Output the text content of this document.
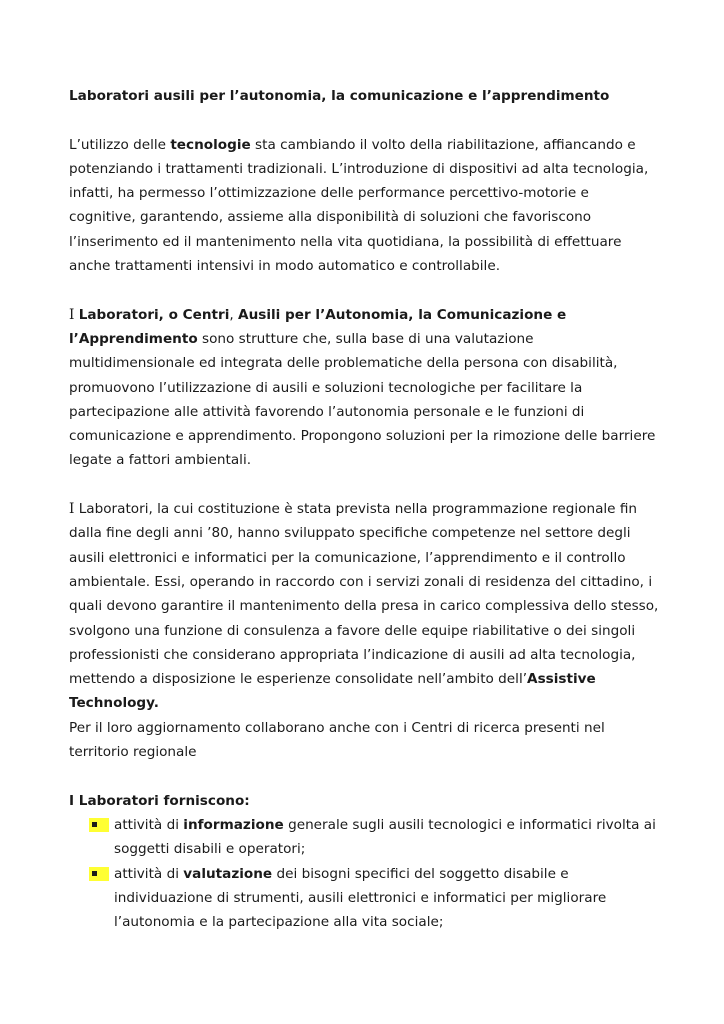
Laboratori ausili per l’autonomia, la comunicazione e l’apprendimento

L’utilizzo delle tecnologie sta cambiando il volto della riabilitazione, affiancando e potenziando i trattamenti tradizionali. L’introduzione di dispositivi ad alta tecnologia, infatti, ha permesso l’ottimizzazione delle performance percettivo-motorie e cognitive, garantendo, assieme alla disponibilità di soluzioni che favoriscono l’inserimento ed il mantenimento nella vita quotidiana, la possibilità di effettuare anche trattamenti intensivi in modo automatico e controllabile.

I Laboratori, o Centri, Ausili per l’Autonomia, la Comunicazione e l’Apprendimento sono strutture che, sulla base di una valutazione multidimensionale ed integrata delle problematiche della persona con disabilità, promuovono l’utilizzazione di ausili e soluzioni tecnologiche per facilitare la partecipazione alle attività favorendo l’autonomia personale e le funzioni di comunicazione e apprendimento. Propongono soluzioni per la rimozione delle barriere legate a fattori ambientali.

I Laboratori, la cui costituzione è stata prevista nella programmazione regionale fin dalla fine degli anni ’80, hanno sviluppato specifiche competenze nel settore degli ausili elettronici e informatici per la comunicazione, l’apprendimento e il controllo ambientale. Essi, operando in raccordo con i servizi zonali di residenza del cittadino, i quali devono garantire il mantenimento della presa in carico complessiva dello stesso, svolgono una funzione di consulenza a favore delle equipe riabilitative o dei singoli professionisti che considerano appropriata l’indicazione di ausili ad alta tecnologia, mettendo a disposizione le esperienze consolidate nell’ambito dell’Assistive Technology.

Per il loro aggiornamento collaborano anche con i Centri di ricerca presenti nel territorio regionale

I Laboratori forniscono:
attività di informazione generale sugli ausili tecnologici e informatici rivolta ai soggetti disabili e operatori;
attività di valutazione dei bisogni specifici del soggetto disabile e individuazione di strumenti, ausili elettronici e informatici per migliorare l’autonomia e la partecipazione alla vita sociale;
